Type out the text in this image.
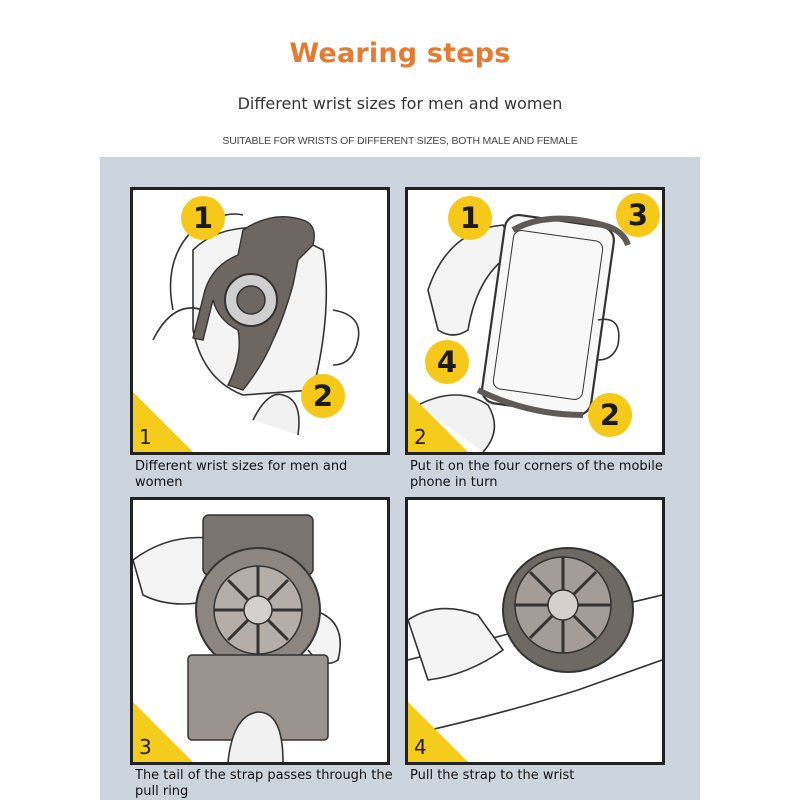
Wearing steps
Different wrist sizes for men and women
SUITABLE FOR WRISTS OF DIFFERENT SIZES, BOTH MALE AND FEMALE
1
2
1
Different wrist sizes for men and women
1	3
4
2
2
Put it on the four corners of the mobile phone in turn
3
The tail of the strap passes through the pull ring
4
Pull the strap to the wrist
